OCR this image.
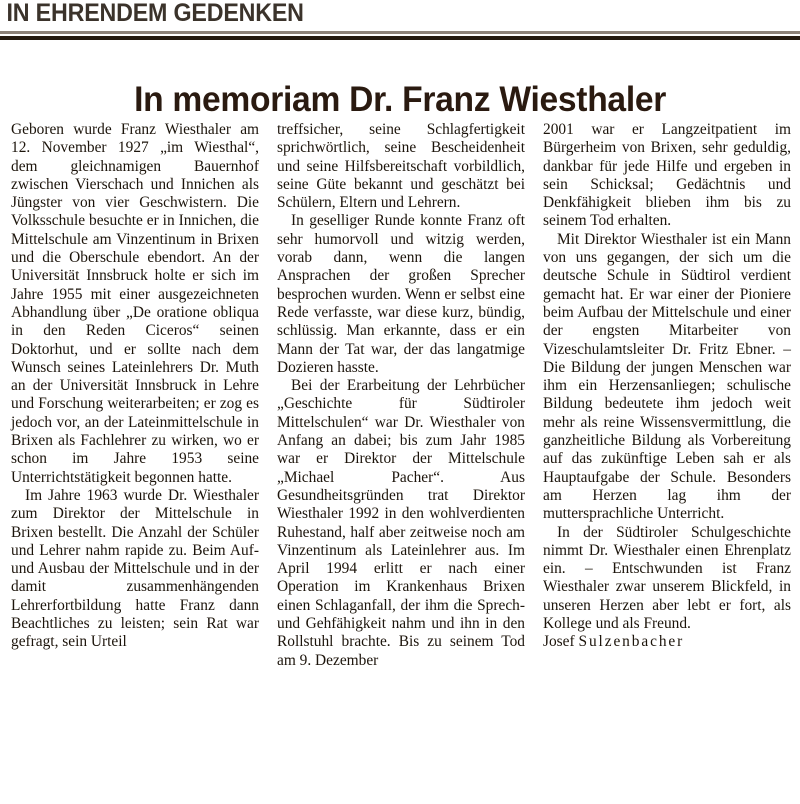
IN EHRENDEM GEDENKEN
In memoriam Dr. Franz Wiesthaler

Geboren wurde Franz Wiesthaler am 12. November 1927 „im Wiesthal“, dem gleichnamigen Bauernhof zwischen Vierschach und Innichen als Jüngster von vier Geschwistern. Die Volksschule besuchte er in Innichen, die Mittelschule am Vinzentinum in Brixen und die Oberschule ebendort. An der Universität Innsbruck holte er sich im Jahre 1955 mit einer ausgezeichneten Abhandlung über „De oratione obliqua in den Reden Ciceros“ seinen Doktorhut, und er sollte nach dem Wunsch seines Lateinlehrers Dr. Muth an der Universität Innsbruck in Lehre und Forschung weiterarbeiten; er zog es jedoch vor, an der Lateinmittelschule in Brixen als Fachlehrer zu wirken, wo er schon im Jahre 1953 seine Unterrichtstätigkeit begonnen hatte.

Im Jahre 1963 wurde Dr. Wiesthaler zum Direktor der Mittelschule in Brixen bestellt. Die Anzahl der Schüler und Lehrer nahm rapide zu. Beim Auf- und Ausbau der Mittelschule und in der damit zusammenhängenden Lehrerfortbildung hatte Franz dann Beachtliches zu leisten; sein Rat war gefragt, sein Urteil

treffsicher, seine Schlagfertigkeit sprichwörtlich, seine Bescheidenheit und seine Hilfsbereitschaft vorbildlich, seine Güte bekannt und geschätzt bei Schülern, Eltern und Lehrern.

In geselliger Runde konnte Franz oft sehr humorvoll und witzig werden, vorab dann, wenn die langen Ansprachen der großen Sprecher besprochen wurden. Wenn er selbst eine Rede verfasste, war diese kurz, bündig, schlüssig. Man erkannte, dass er ein Mann der Tat war, der das langatmige Dozieren hasste.

Bei der Erarbeitung der Lehrbücher „Geschichte für Südtiroler Mittelschulen“ war Dr. Wiesthaler von Anfang an dabei; bis zum Jahr 1985 war er Direktor der Mittelschule „Michael Pacher“. Aus Gesundheitsgründen trat Direktor Wiesthaler 1992 in den wohlverdienten Ruhestand, half aber zeitweise noch am Vinzentinum als Lateinlehrer aus. Im April 1994 erlitt er nach einer Operation im Krankenhaus Brixen einen Schlaganfall, der ihm die Sprech- und Gehfähigkeit nahm und ihn in den Rollstuhl brachte. Bis zu seinem Tod am 9. Dezember

2001 war er Langzeitpatient im Bürgerheim von Brixen, sehr geduldig, dankbar für jede Hilfe und ergeben in sein Schicksal; Gedächtnis und Denkfähigkeit blieben ihm bis zu seinem Tod erhalten.

Mit Direktor Wiesthaler ist ein Mann von uns gegangen, der sich um die deutsche Schule in Südtirol verdient gemacht hat. Er war einer der Pioniere beim Aufbau der Mittelschule und einer der engsten Mitarbeiter von Vizeschulamtsleiter Dr. Fritz Ebner. – Die Bildung der jungen Menschen war ihm ein Herzensanliegen; schulische Bildung bedeutete ihm jedoch weit mehr als reine Wissensvermittlung, die ganzheitliche Bildung als Vorbereitung auf das zukünftige Leben sah er als Hauptaufgabe der Schule. Besonders am Herzen lag ihm der muttersprachliche Unterricht.

In der Südtiroler Schulgeschichte nimmt Dr. Wiesthaler einen Ehrenplatz ein. – Entschwunden ist Franz Wiesthaler zwar unserem Blickfeld, in unseren Herzen aber lebt er fort, als Kollege und als Freund.

Josef Sulzenbacher
